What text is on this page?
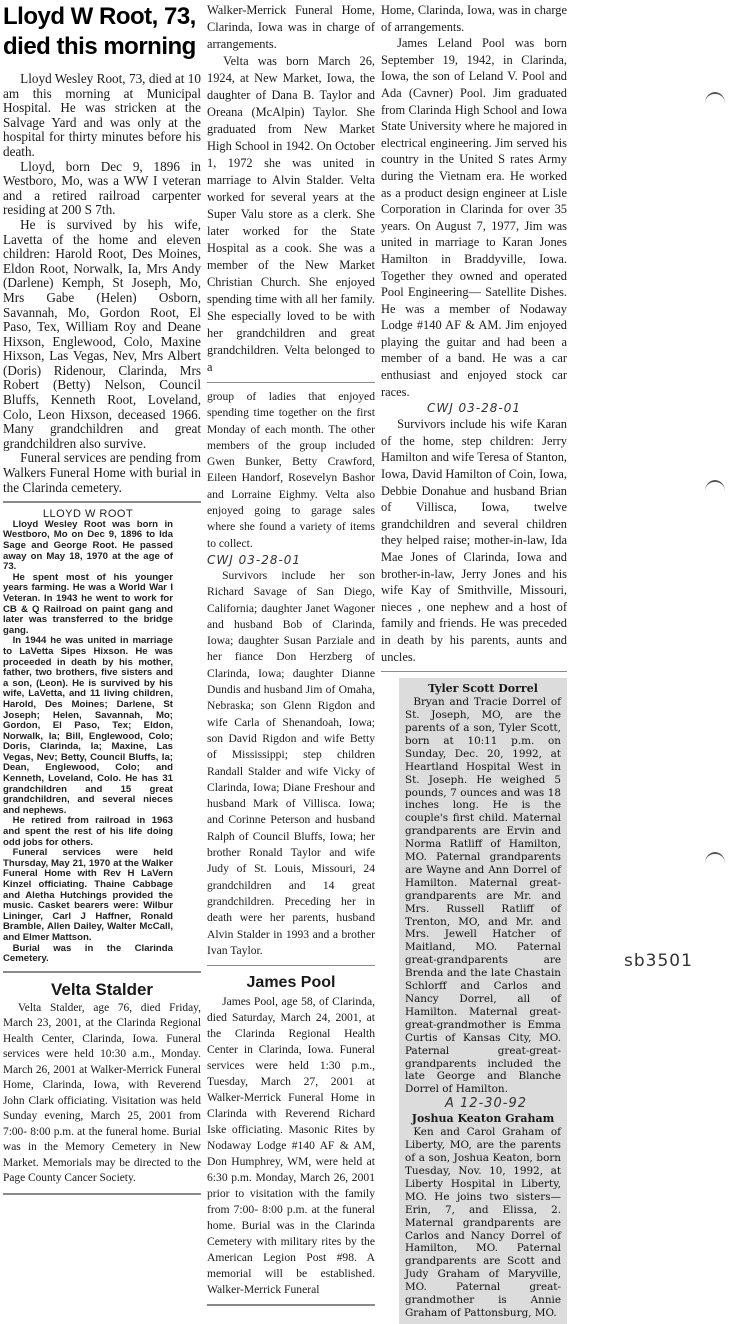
Lloyd W Root, 73,
died this morning

Lloyd Wesley Root, 73, died at 10 am this morning at Municipal Hospital. He was stricken at the Salvage Yard and was only at the hospital for thirty minutes before his death.

Lloyd, born Dec 9, 1896 in Westboro, Mo, was a WW I veteran and a retired railroad carpenter residing at 200 S 7th.

He is survived by his wife, Lavetta of the home and eleven children: Harold Root, Des Moines, Eldon Root, Norwalk, Ia, Mrs Andy (Darlene) Kemph, St Joseph, Mo, Mrs Gabe (Helen) Osborn, Savannah, Mo, Gordon Root, El Paso, Tex, William Roy and Deane Hixson, Englewood, Colo, Maxine Hixson, Las Vegas, Nev, Mrs Albert (Doris) Ridenour, Clarinda, Mrs Robert (Betty) Nelson, Council Bluffs, Kenneth Root, Loveland, Colo, Leon Hixson, deceased 1966. Many grandchildren and great grandchildren also survive.

Funeral services are pending from Walkers Funeral Home with burial in the Clarinda cemetery.

LLOYD W ROOT

Lloyd Wesley Root was born in Westboro, Mo on Dec 9, 1896 to Ida Sage and George Root. He passed away on May 18, 1970 at the age of 73.

He spent most of his younger years farming. He was a World War I Veteran. In 1943 he went to work for CB & Q Railroad on paint gang and later was transferred to the bridge gang.

In 1944 he was united in marriage to LaVetta Sipes Hixson. He was proceeded in death by his mother, father, two brothers, five sisters and a son, (Leon). He is survived by his wife, LaVetta, and 11 living children, Harold, Des Moines; Darlene, St Joseph; Helen, Savannah, Mo; Gordon, El Paso, Tex; Eldon, Norwalk, Ia; Bill, Englewood, Colo; Doris, Clarinda, Ia; Maxine, Las Vegas, Nev; Betty, Council Bluffs, Ia; Dean, Englewood, Colo; and Kenneth, Loveland, Colo. He has 31 grandchildren and 15 great grandchildren, and several nieces and nephews.

He retired from railroad in 1963 and spent the rest of his life doing odd jobs for others.

Funeral services were held Thursday, May 21, 1970 at the Walker Funeral Home with Rev H LaVern Kinzel officiating. Thaine Cabbage and Aletha Hutchings provided the music. Casket bearers were: Wilbur Lininger, Carl J Haffner, Ronald Bramble, Allen Dailey, Walter McCall, and Elmer Mattson.

Burial was in the Clarinda Cemetery.

Velta Stalder

Velta Stalder, age 76, died Friday, March 23, 2001, at the Clarinda Regional Health Center, Clarinda, Iowa. Funeral services were held 10:30 a.m., Monday. March 26, 2001 at Walker-Merrick Funeral Home, Clarinda, Iowa, with Reverend John Clark officiating. Visitation was held Sunday evening, March 25, 2001 from 7:00- 8:00 p.m. at the funeral home. Burial was in the Memory Cemetery in New Market. Memorials may be directed to the Page County Cancer Society.

Walker-Merrick Funeral Home, Clarinda, Iowa was in charge of arrangements.

Velta was born March 26, 1924, at New Market, Iowa, the daughter of Dana B. Taylor and Oreana (McAlpin) Taylor. She graduated from New Market High School in 1942. On October 1, 1972 she was united in marriage to Alvin Stalder. Velta worked for several years at the Super Valu store as a clerk. She later worked for the State Hospital as a cook. She was a member of the New Market Christian Church. She enjoyed spending time with all her family. She especially loved to be with her grandchildren and great grandchildren. Velta belonged to a

group of ladies that enjoyed spending time together on the first Monday of each month. The other members of the group included Gwen Bunker, Betty Crawford, Eileen Handorf, Rosevelyn Bashor and Lorraine Eighmy. Velta also enjoyed going to garage sales where she found a variety of items to collect.

CWJ 03-28-01

Survivors include her son Richard Savage of San Diego, California; daughter Janet Wagoner and husband Bob of Clarinda, Iowa; daughter Susan Parziale and her fiance Don Herzberg of Clarinda, Iowa; daughter Dianne Dundis and husband Jim of Omaha, Nebraska; son Glenn Rigdon and wife Carla of Shenandoah, Iowa; son David Rigdon and wife Betty of Mississippi; step children Randall Stalder and wife Vicky of Clarinda, Iowa; Diane Freshour and husband Mark of Villisca. Iowa; and Corinne Peterson and husband Ralph of Council Bluffs, Iowa; her brother Ronald Taylor and wife Judy of St. Louis, Missouri, 24 grandchildren and 14 great grandchildren. Preceding her in death were her parents, husband Alvin Stalder in 1993 and a brother Ivan Taylor.

James Pool

James Pool, age 58, of Clarinda, died Saturday, March 24, 2001, at the Clarinda Regional Health Center in Clarinda, Iowa. Funeral services were held 1:30 p.m., Tuesday, March 27, 2001 at Walker-Merrick Funeral Home in Clarinda with Reverend Richard Iske officiating. Masonic Rites by Nodaway Lodge #140 AF & AM, Don Humphrey, WM, were held at 6:30 p.m. Monday, March 26, 2001 prior to visitation with the family from 7:00- 8:00 p.m. at the funeral home. Burial was in the Clarinda Cemetery with military rites by the American Legion Post #98. A memorial will be established. Walker-Merrick Funeral

Home, Clarinda, Iowa, was in charge of arrangements.

James Leland Pool was born September 19, 1942, in Clarinda, Iowa, the son of Leland V. Pool and Ada (Cavner) Pool. Jim graduated from Clarinda High School and Iowa State University where he majored in electrical engineering. Jim served his country in the United S rates Army during the Vietnam era. He worked as a product design engineer at Lisle Corporation in Clarinda for over 35 years. On August 7, 1977, Jim was united in marriage to Karan Jones Hamilton in Braddyville, Iowa. Together they owned and operated Pool Engineering— Satellite Dishes. He was a member of Nodaway Lodge #140 AF & AM. Jim enjoyed playing the guitar and had been a member of a band. He was a car enthusiast and enjoyed stock car races.

CWJ 03-28-01

Survivors include his wife Karan of the home, step children: Jerry Hamilton and wife Teresa of Stanton, Iowa, David Hamilton of Coin, Iowa, Debbie Donahue and husband Brian of Villisca, Iowa, twelve grandchildren and several children they helped raise; mother-in-law, Ida Mae Jones of Clarinda, Iowa and brother-in-law, Jerry Jones and his wife Kay of Smithville, Missouri, nieces , one nephew and a host of family and friends. He was preceded in death by his parents, aunts and uncles.

Tyler Scott Dorrel

Bryan and Tracie Dorrel of St. Joseph, MO, are the parents of a son, Tyler Scott, born at 10:11 p.m. on Sunday, Dec. 20, 1992, at Heartland Hospital West in St. Joseph. He weighed 5 pounds, 7 ounces and was 18 inches long. He is the couple's first child. Maternal grandparents are Ervin and Norma Ratliff of Hamilton, MO. Paternal grandparents are Wayne and Ann Dorrel of Hamilton. Maternal great-grandparents are Mr. and Mrs. Russell Ratliff of Trenton, MO, and Mr. and Mrs. Jewell Hatcher of Maitland, MO. Paternal great-grandparents are Brenda and the late Chastain Schlorff and Carlos and Nancy Dorrel, all of Hamilton. Maternal great-great-grandmother is Emma Curtis of Kansas City, MO. Paternal great-great-grandparents included the late George and Blanche Dorrel of Hamilton.

A 12-30-92
Joshua Keaton Graham

Ken and Carol Graham of Liberty, MO, are the parents of a son, Joshua Keaton, born Tuesday, Nov. 10, 1992, at Liberty Hospital in Liberty, MO. He joins two sisters—Erin, 7, and Elissa, 2. Maternal grandparents are Carlos and Nancy Dorrel of Hamilton, MO. Paternal grandparents are Scott and Judy Graham of Maryville, MO. Paternal great-grandmother is Annie Graham of Pattonsburg, MO.

sb3501
